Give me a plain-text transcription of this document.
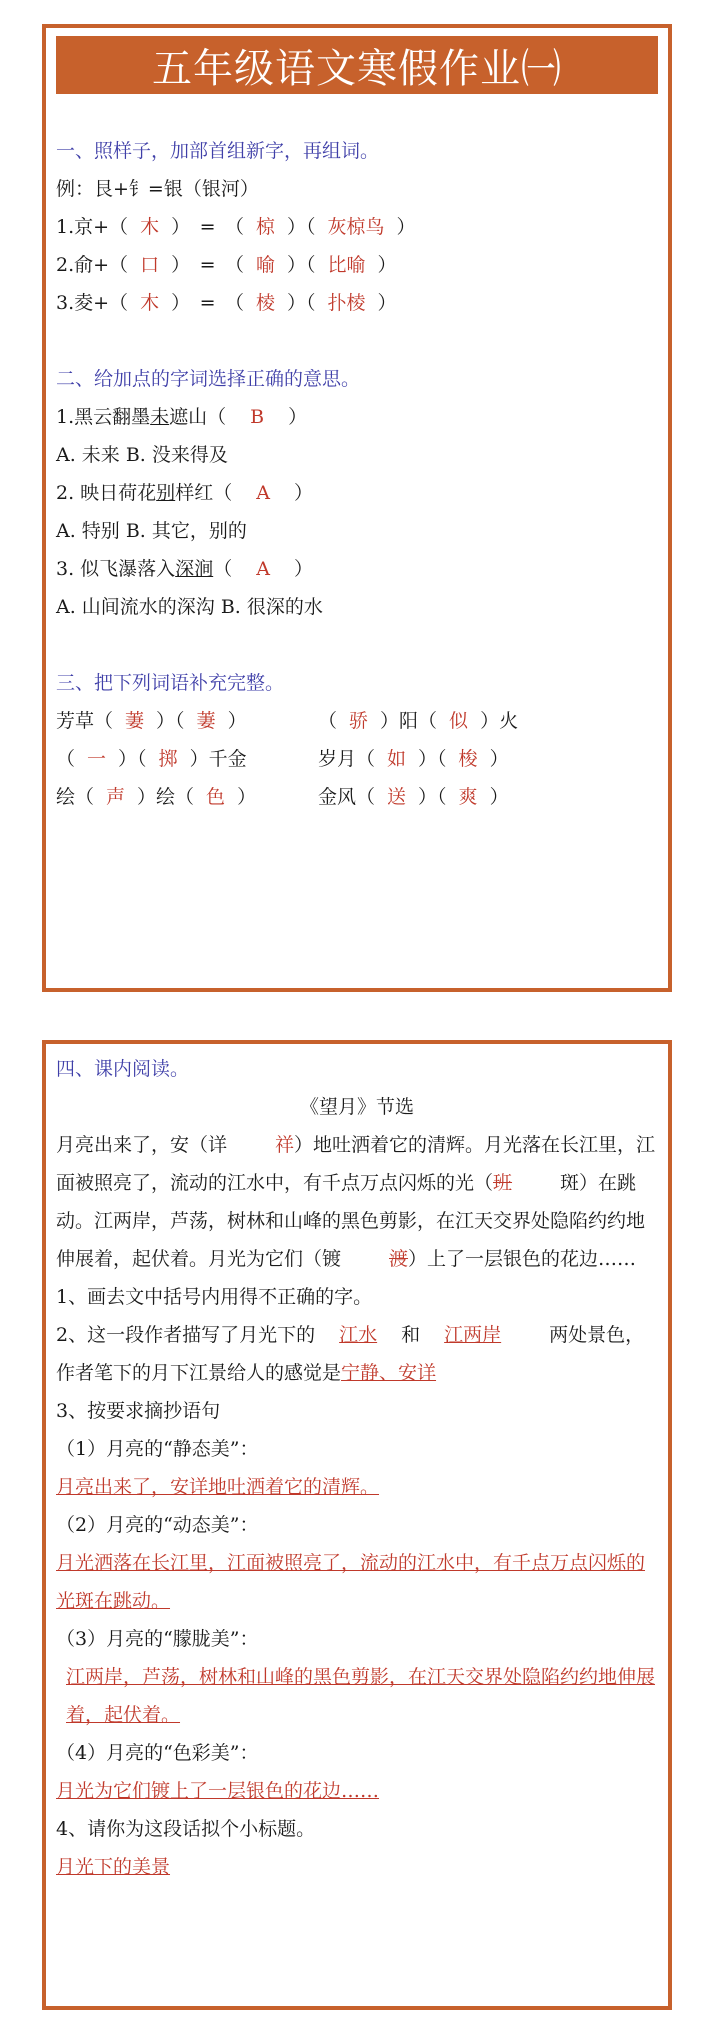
五年级语文寒假作业㈠
一、照样子，加部首组新字，再组词。
例：艮+钅=银（银河）
1.京+（ 木 ）　=　（ 椋 ）（ 灰椋鸟 ）
2.俞+（ 口 ）　=　（ 喻 ）（ 比喻 ）
3.夌+（ 木 ）　=　（ 棱 ）（ 扑棱 ）
二、给加点的字词选择正确的意思。
1.黑云翻墨未遮山（ B ）
A. 未来 B. 没来得及
2. 映日荷花别样红（ A ）
A. 特别 B. 其它，别的
3. 似飞瀑落入深涧（ A ）
A. 山间流水的深沟 B. 很深的水
三、把下列词语补充完整。
芳草（ 萋 ）（ 萋 ）	（ 骄 ）阳（ 似 ）火
（ 一 ）（ 掷 ）千金	岁月（ 如 ）（ 梭 ）
绘（ 声 ）绘（ 色 ）	金风（ 送 ）（ 爽 ）
四、课内阅读。
《望月》节选
月亮出来了，安（详	祥）地吐洒着它的清辉。月光落在长江里，江面被照亮了，流动的江水中，有千点万点闪烁的光（班	斑）在跳动。江两岸，芦荡，树林和山峰的黑色剪影，在江天交界处隐陷约约地伸展着，起伏着。月光为它们（镀	渡）上了一层银色的花边……
1、画去文中括号内用得不正确的字。
2、这一段作者描写了月光下的 江水 和 江两岸	两处景色，作者笔下的月下江景给人的感觉是宁静、安详
3、按要求摘抄语句
（1）月亮的“静态美”：
月亮出来了，安详地吐洒着它的清辉。
（2）月亮的“动态美”：
月光洒落在长江里，江面被照亮了，流动的江水中，有千点万点闪烁的光斑在跳动。
（3）月亮的“朦胧美”：
江两岸，芦荡，树林和山峰的黑色剪影，在江天交界处隐陷约约地伸展着，起伏着。
（4）月亮的“色彩美”：
月光为它们镀上了一层银色的花边……
4、请你为这段话拟个小标题。
月光下的美景
